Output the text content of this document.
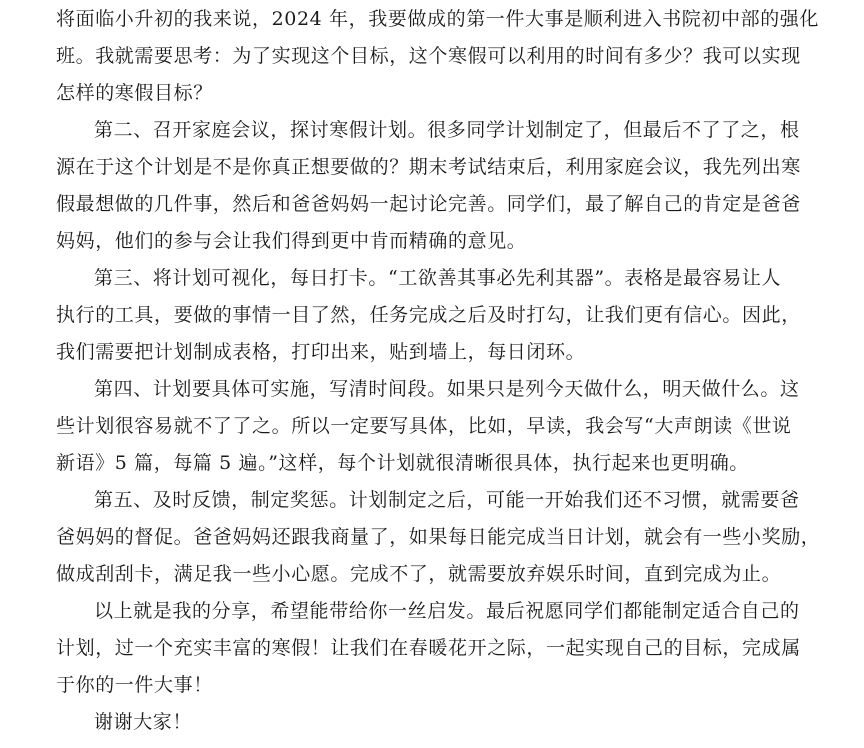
将面临小升初的我来说，2024 年，我要做成的第一件大事是顺利进入书院初中部的强化
班。我就需要思考：为了实现这个目标，这个寒假可以利用的时间有多少？我可以实现
怎样的寒假目标？
第二、召开家庭会议，探讨寒假计划。很多同学计划制定了，但最后不了了之，根
源在于这个计划是不是你真正想要做的？期末考试结束后，利用家庭会议，我先列出寒
假最想做的几件事，然后和爸爸妈妈一起讨论完善。同学们，最了解自己的肯定是爸爸
妈妈，他们的参与会让我们得到更中肯而精确的意见。
第三、将计划可视化，每日打卡。“工欲善其事必先利其器”。表格是最容易让人
执行的工具，要做的事情一目了然，任务完成之后及时打勾，让我们更有信心。因此，
我们需要把计划制成表格，打印出来，贴到墙上，每日闭环。
第四、计划要具体可实施，写清时间段。如果只是列今天做什么，明天做什么。这
些计划很容易就不了了之。所以一定要写具体，比如，早读，我会写“大声朗读《世说
新语》5 篇，每篇 5 遍。”这样，每个计划就很清晰很具体，执行起来也更明确。
第五、及时反馈，制定奖惩。计划制定之后，可能一开始我们还不习惯，就需要爸
爸妈妈的督促。爸爸妈妈还跟我商量了，如果每日能完成当日计划，就会有一些小奖励，
做成刮刮卡，满足我一些小心愿。完成不了，就需要放弃娱乐时间，直到完成为止。
以上就是我的分享，希望能带给你一丝启发。最后祝愿同学们都能制定适合自己的
计划，过一个充实丰富的寒假！让我们在春暖花开之际，一起实现自己的目标，完成属
于你的一件大事！
谢谢大家！
